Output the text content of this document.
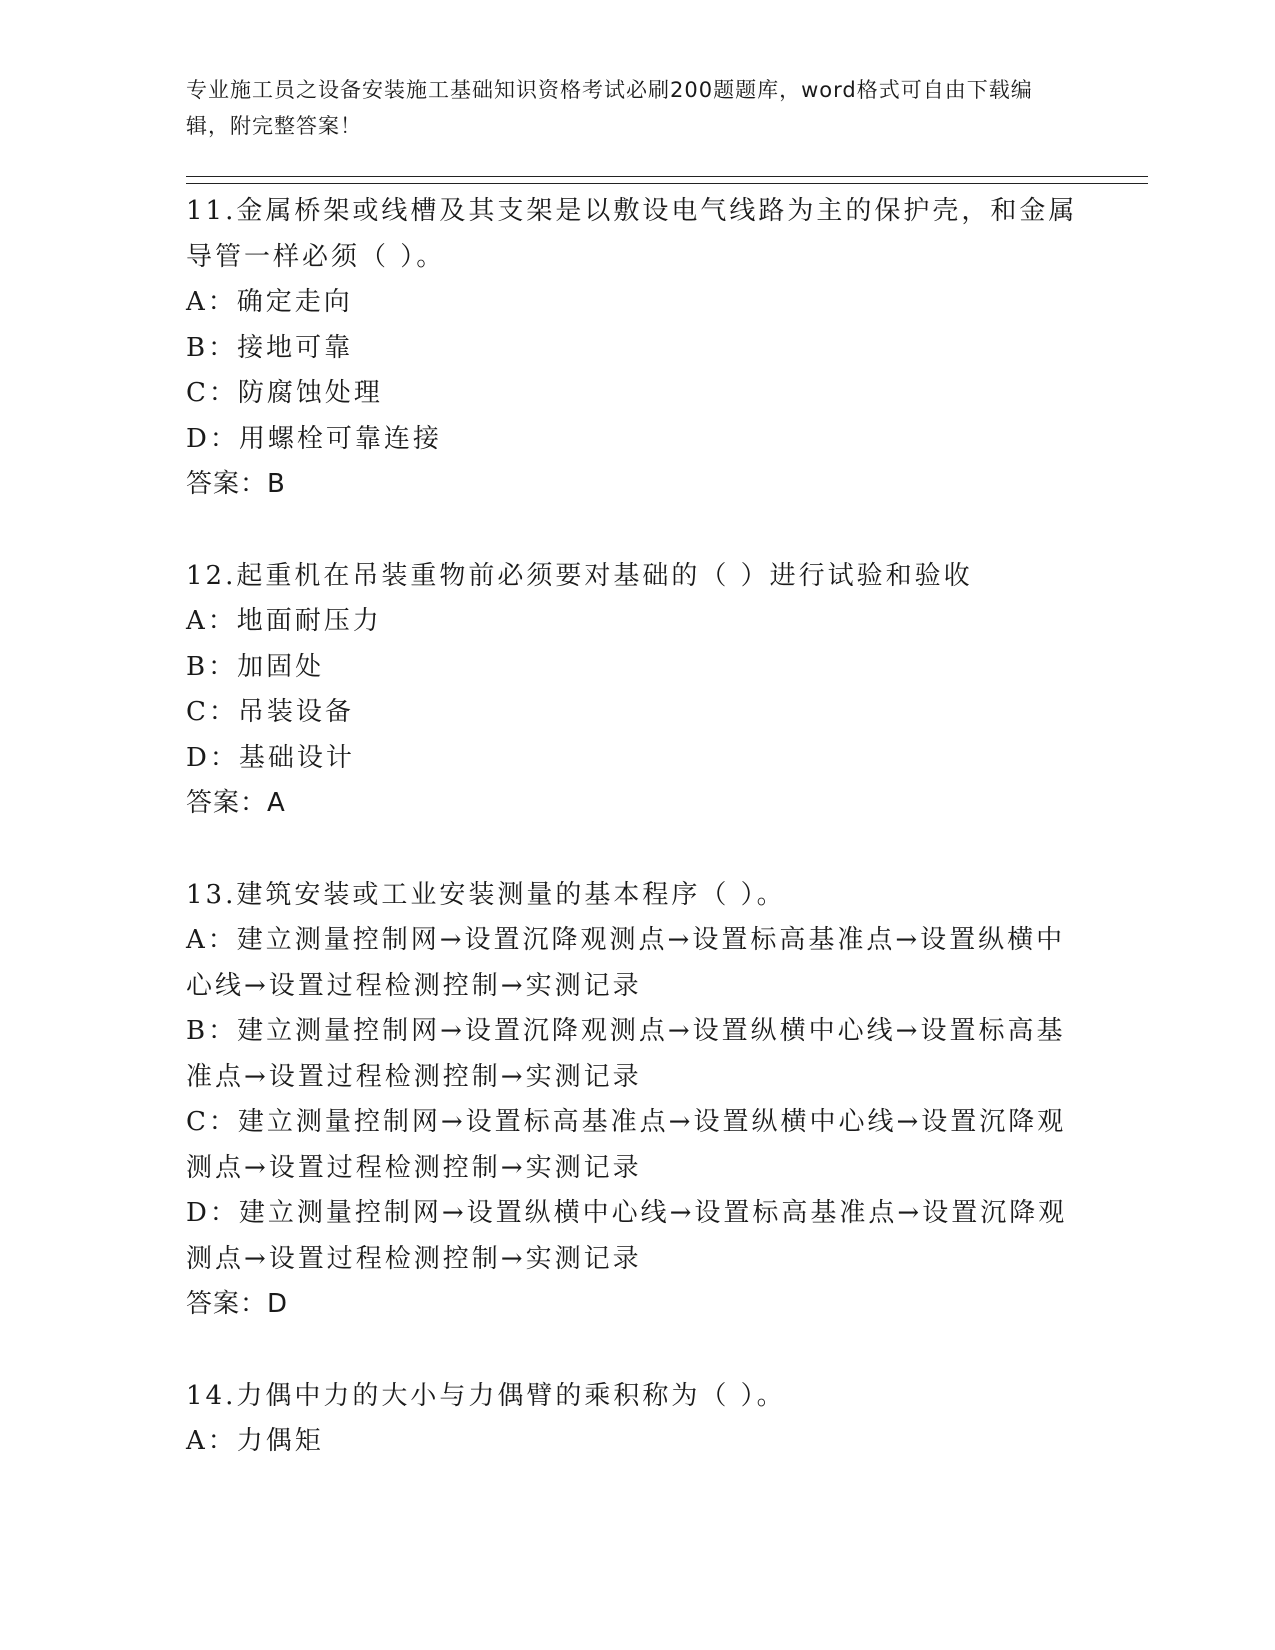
专业施工员之设备安装施工基础知识资格考试必刷200题题库，word格式可自由下载编辑，附完整答案！
11.金属桥架或线槽及其支架是以敷设电气线路为主的保护壳，和金属导管一样必须（ ）。
A：确定走向
B：接地可靠
C：防腐蚀处理
D：用螺栓可靠连接
答案：B
12.起重机在吊装重物前必须要对基础的（ ）进行试验和验收
A：地面耐压力
B：加固处
C：吊装设备
D：基础设计
答案：A
13.建筑安装或工业安装测量的基本程序（ ）。
A：建立测量控制网→设置沉降观测点→设置标高基准点→设置纵横中心线→设置过程检测控制→实测记录
B：建立测量控制网→设置沉降观测点→设置纵横中心线→设置标高基准点→设置过程检测控制→实测记录
C：建立测量控制网→设置标高基准点→设置纵横中心线→设置沉降观测点→设置过程检测控制→实测记录
D：建立测量控制网→设置纵横中心线→设置标高基准点→设置沉降观测点→设置过程检测控制→实测记录
答案：D
14.力偶中力的大小与力偶臂的乘积称为（ ）。
A：力偶矩
